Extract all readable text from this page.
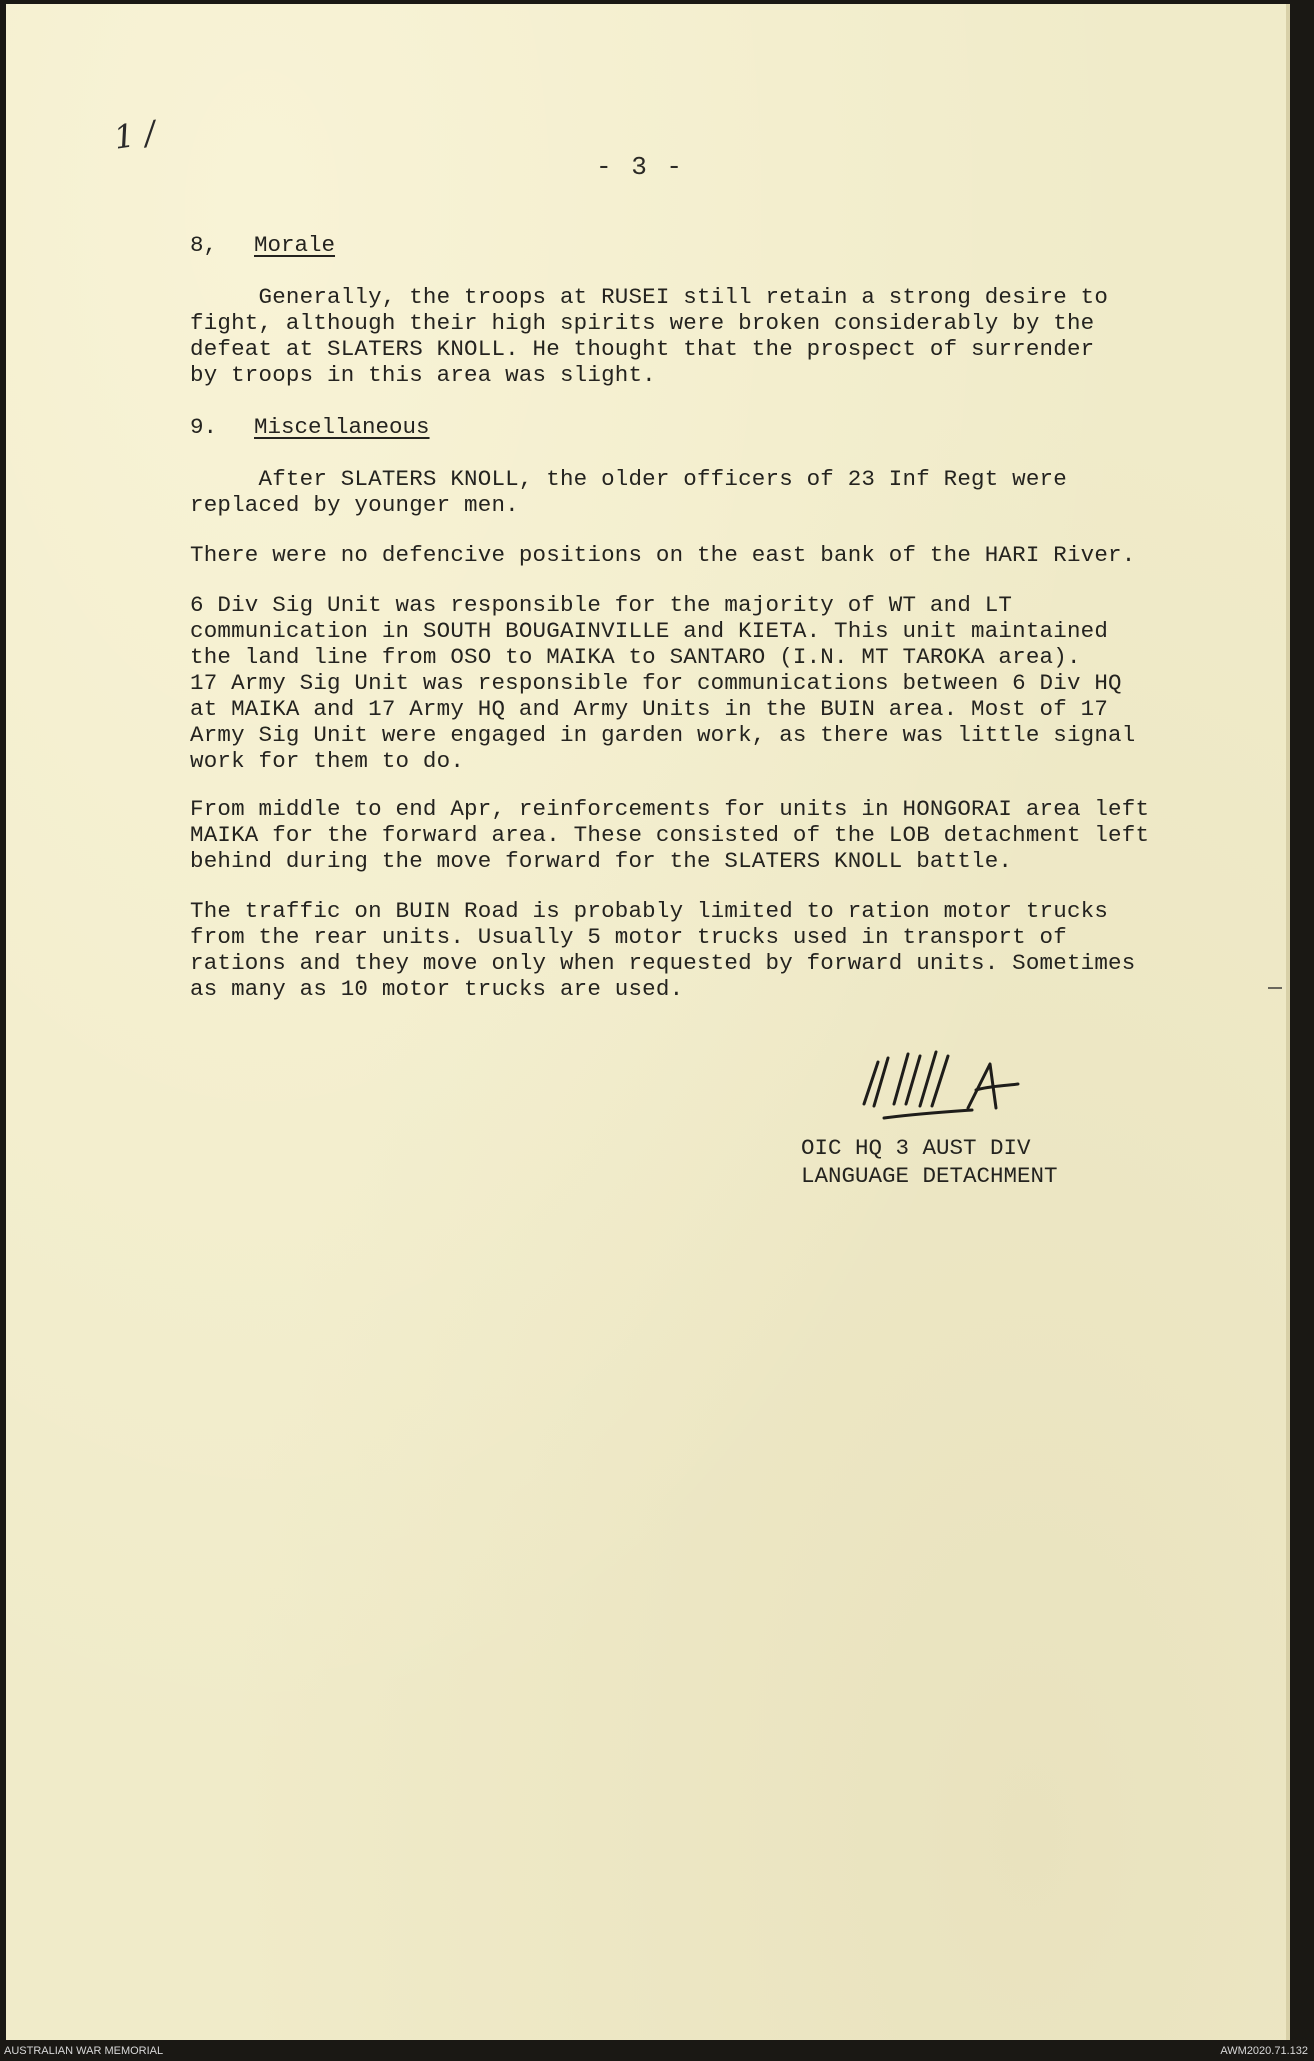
1 /
- 3 -
8, Morale
Generally, the troops at RUSEI still retain a strong desire to
fight, although their high spirits were broken considerably by the
defeat at SLATERS KNOLL. He thought that the prospect of surrender
by troops in this area was slight.
9. Miscellaneous
After SLATERS KNOLL, the older officers of 23 Inf Regt were
replaced by younger men.
There were no defencive positions on the east bank of the HARI River.
6 Div Sig Unit was responsible for the majority of WT and LT
communication in SOUTH BOUGAINVILLE and KIETA. This unit maintained
the land line from OSO to MAIKA to SANTARO (I.N. MT TAROKA area).
17 Army Sig Unit was responsible for communications between 6 Div HQ
at MAIKA and 17 Army HQ and Army Units in the BUIN area. Most of 17
Army Sig Unit were engaged in garden work, as there was little signal
work for them to do.
From middle to end Apr, reinforcements for units in HONGORAI area left
MAIKA for the forward area. These consisted of the LOB detachment left
behind during the move forward for the SLATERS KNOLL battle.
The traffic on BUIN Road is probably limited to ration motor trucks
from the rear units. Usually 5 motor trucks used in transport of
rations and they move only when requested by forward units. Sometimes
as many as 10 motor trucks are used.
OIC HQ 3 AUST DIV
LANGUAGE DETACHMENT
AUSTRALIAN WAR MEMORIAL	AWM2020.71.132
